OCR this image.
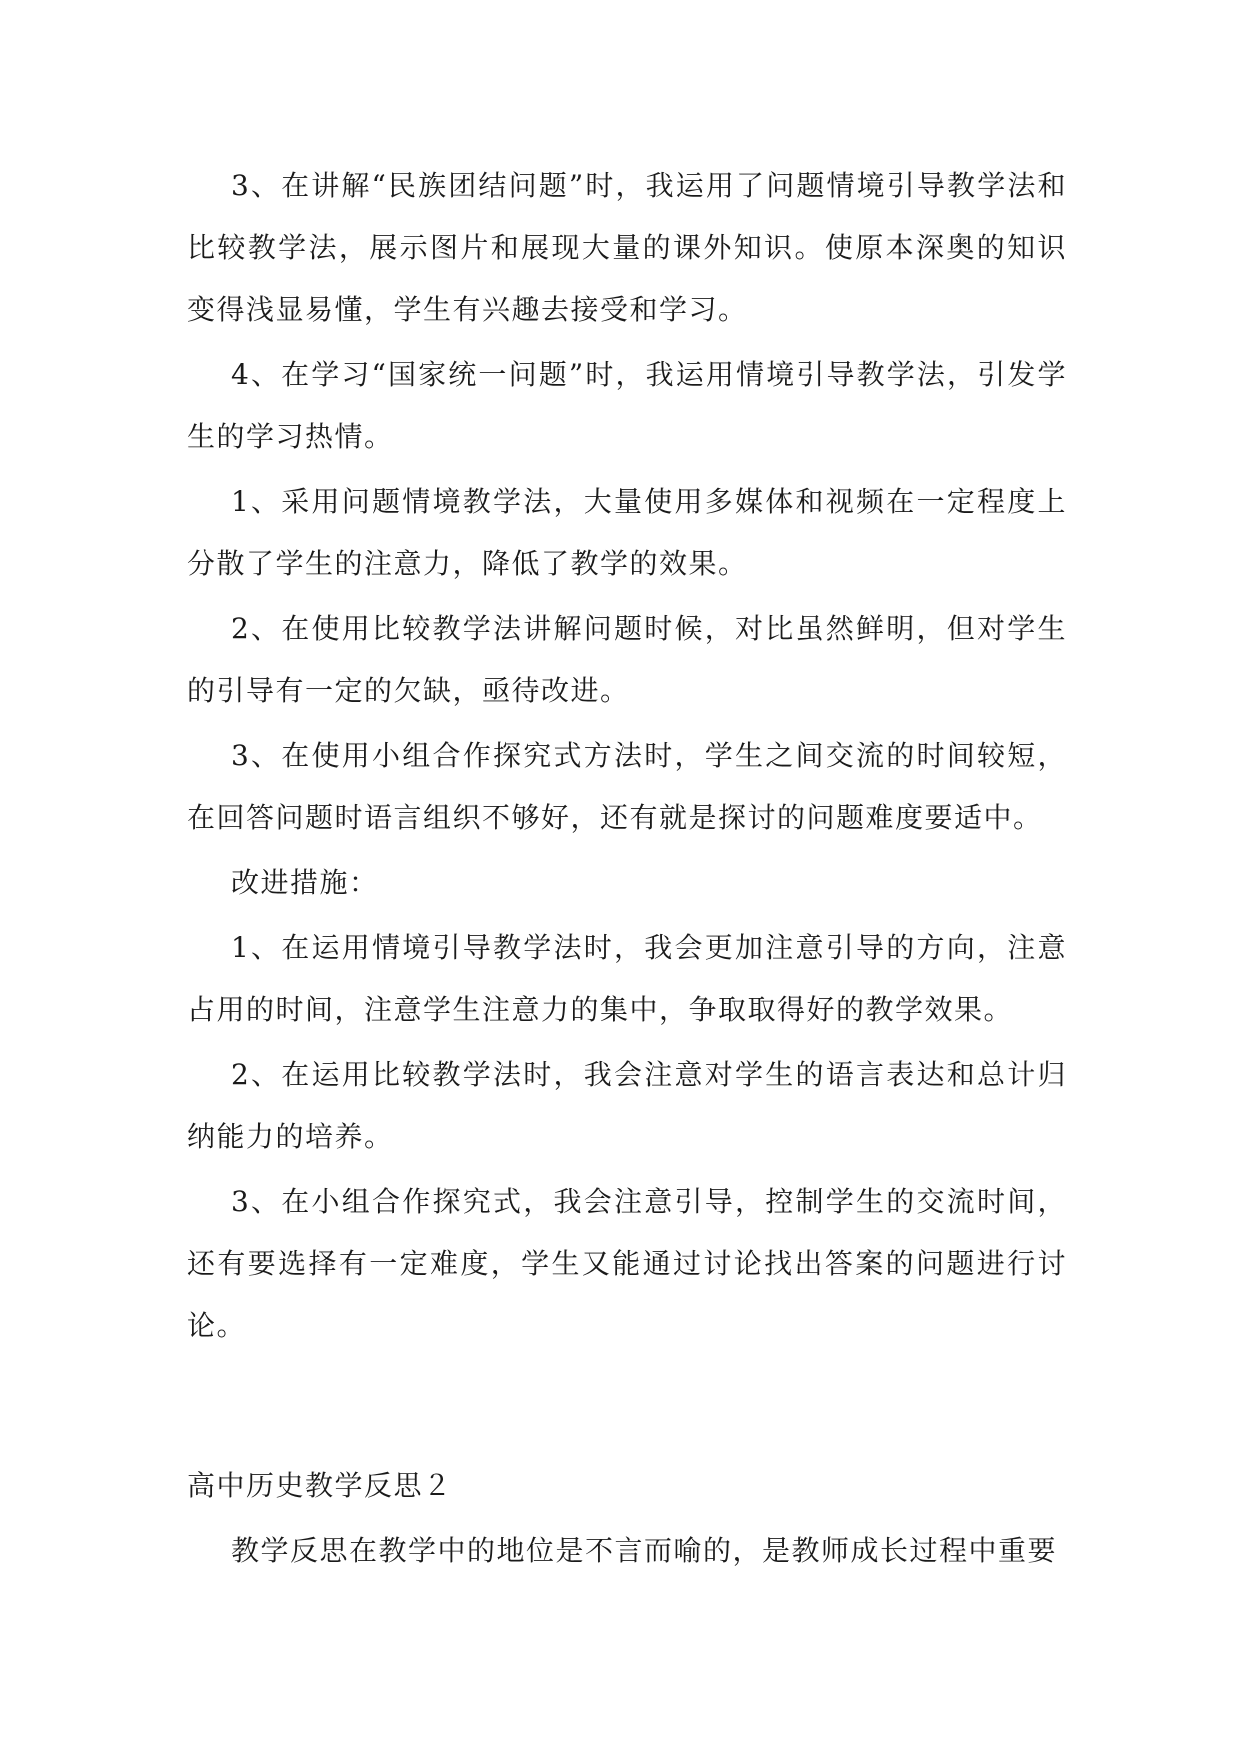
3、在讲解“民族团结问题”时，我运用了问题情境引导教学法和比较教学法，展示图片和展现大量的课外知识。使原本深奥的知识变得浅显易懂，学生有兴趣去接受和学习。

4、在学习“国家统一问题”时，我运用情境引导教学法，引发学生的学习热情。

1、采用问题情境教学法，大量使用多媒体和视频在一定程度上分散了学生的注意力，降低了教学的效果。

2、在使用比较教学法讲解问题时候，对比虽然鲜明，但对学生的引导有一定的欠缺，亟待改进。

3、在使用小组合作探究式方法时，学生之间交流的时间较短，在回答问题时语言组织不够好，还有就是探讨的问题难度要适中。

改进措施：

1、在运用情境引导教学法时，我会更加注意引导的方向，注意占用的时间，注意学生注意力的集中，争取取得好的教学效果。

2、在运用比较教学法时，我会注意对学生的语言表达和总计归纳能力的培养。

3、在小组合作探究式，我会注意引导，控制学生的交流时间，还有要选择有一定难度，学生又能通过讨论找出答案的问题进行讨论。

高中历史教学反思２

教学反思在教学中的地位是不言而喻的，是教师成长过程中重要
